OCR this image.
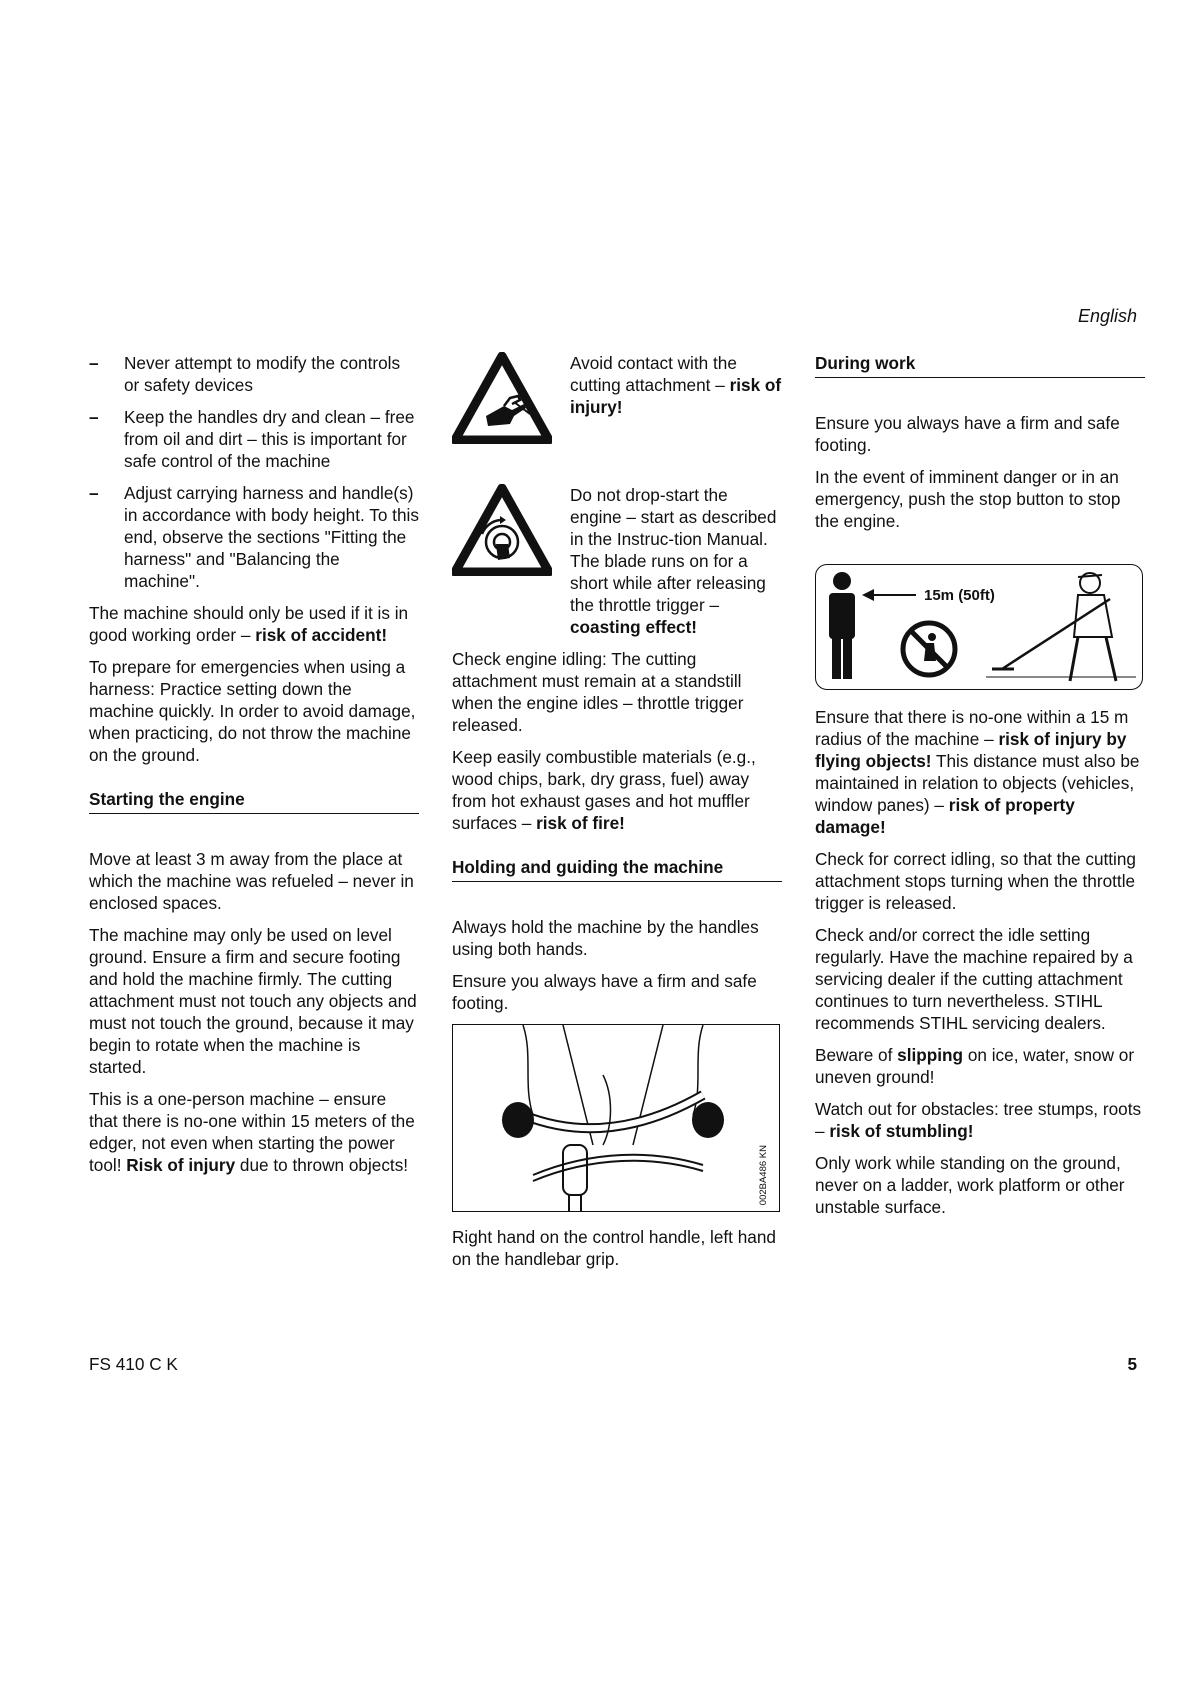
English
– Never attempt to modify the controls or safety devices
– Keep the handles dry and clean – free from oil and dirt – this is important for safe control of the machine
– Adjust carrying harness and handle(s) in accordance with body height. To this end, observe the sections "Fitting the harness" and "Balancing the machine".

The machine should only be used if it is in good working order – risk of accident!

To prepare for emergencies when using a harness: Practice setting down the machine quickly. In order to avoid damage, when practicing, do not throw the machine on the ground.

Starting the engine

Move at least 3 m away from the place at which the machine was refueled – never in enclosed spaces.

The machine may only be used on level ground. Ensure a firm and secure footing and hold the machine firmly. The cutting attachment must not touch any objects and must not touch the ground, because it may begin to rotate when the machine is started.

This is a one-person machine – ensure that there is no-one within 15 meters of the edger, not even when starting the power tool! Risk of injury due to thrown objects!

Avoid contact with the cutting attachment – risk of injury!
Do not drop-start the engine – start as described in the Instruc-tion Manual. The blade runs on for a short while after releasing the throttle trigger – coasting effect!

Check engine idling: The cutting attachment must remain at a standstill when the engine idles – throttle trigger released.

Keep easily combustible materials (e.g., wood chips, bark, dry grass, fuel) away from hot exhaust gases and hot muffler surfaces – risk of fire!

Holding and guiding the machine

Always hold the machine by the handles using both hands.

Ensure you always have a firm and safe footing.

002BA486 KN

Right hand on the control handle, left hand on the handlebar grip.

During work

Ensure you always have a firm and safe footing.

In the event of imminent danger or in an emergency, push the stop button to stop the engine.

15m (50ft)

Ensure that there is no-one within a 15 m radius of the machine – risk of injury by flying objects! This distance must also be maintained in relation to objects (vehicles, window panes) – risk of property damage!

Check for correct idling, so that the cutting attachment stops turning when the throttle trigger is released.

Check and/or correct the idle setting regularly. Have the machine repaired by a servicing dealer if the cutting attachment continues to turn nevertheless. STIHL recommends STIHL servicing dealers.

Beware of slipping on ice, water, snow or uneven ground!

Watch out for obstacles: tree stumps, roots – risk of stumbling!

Only work while standing on the ground, never on a ladder, work platform or other unstable surface.

FS 410 C K	5
